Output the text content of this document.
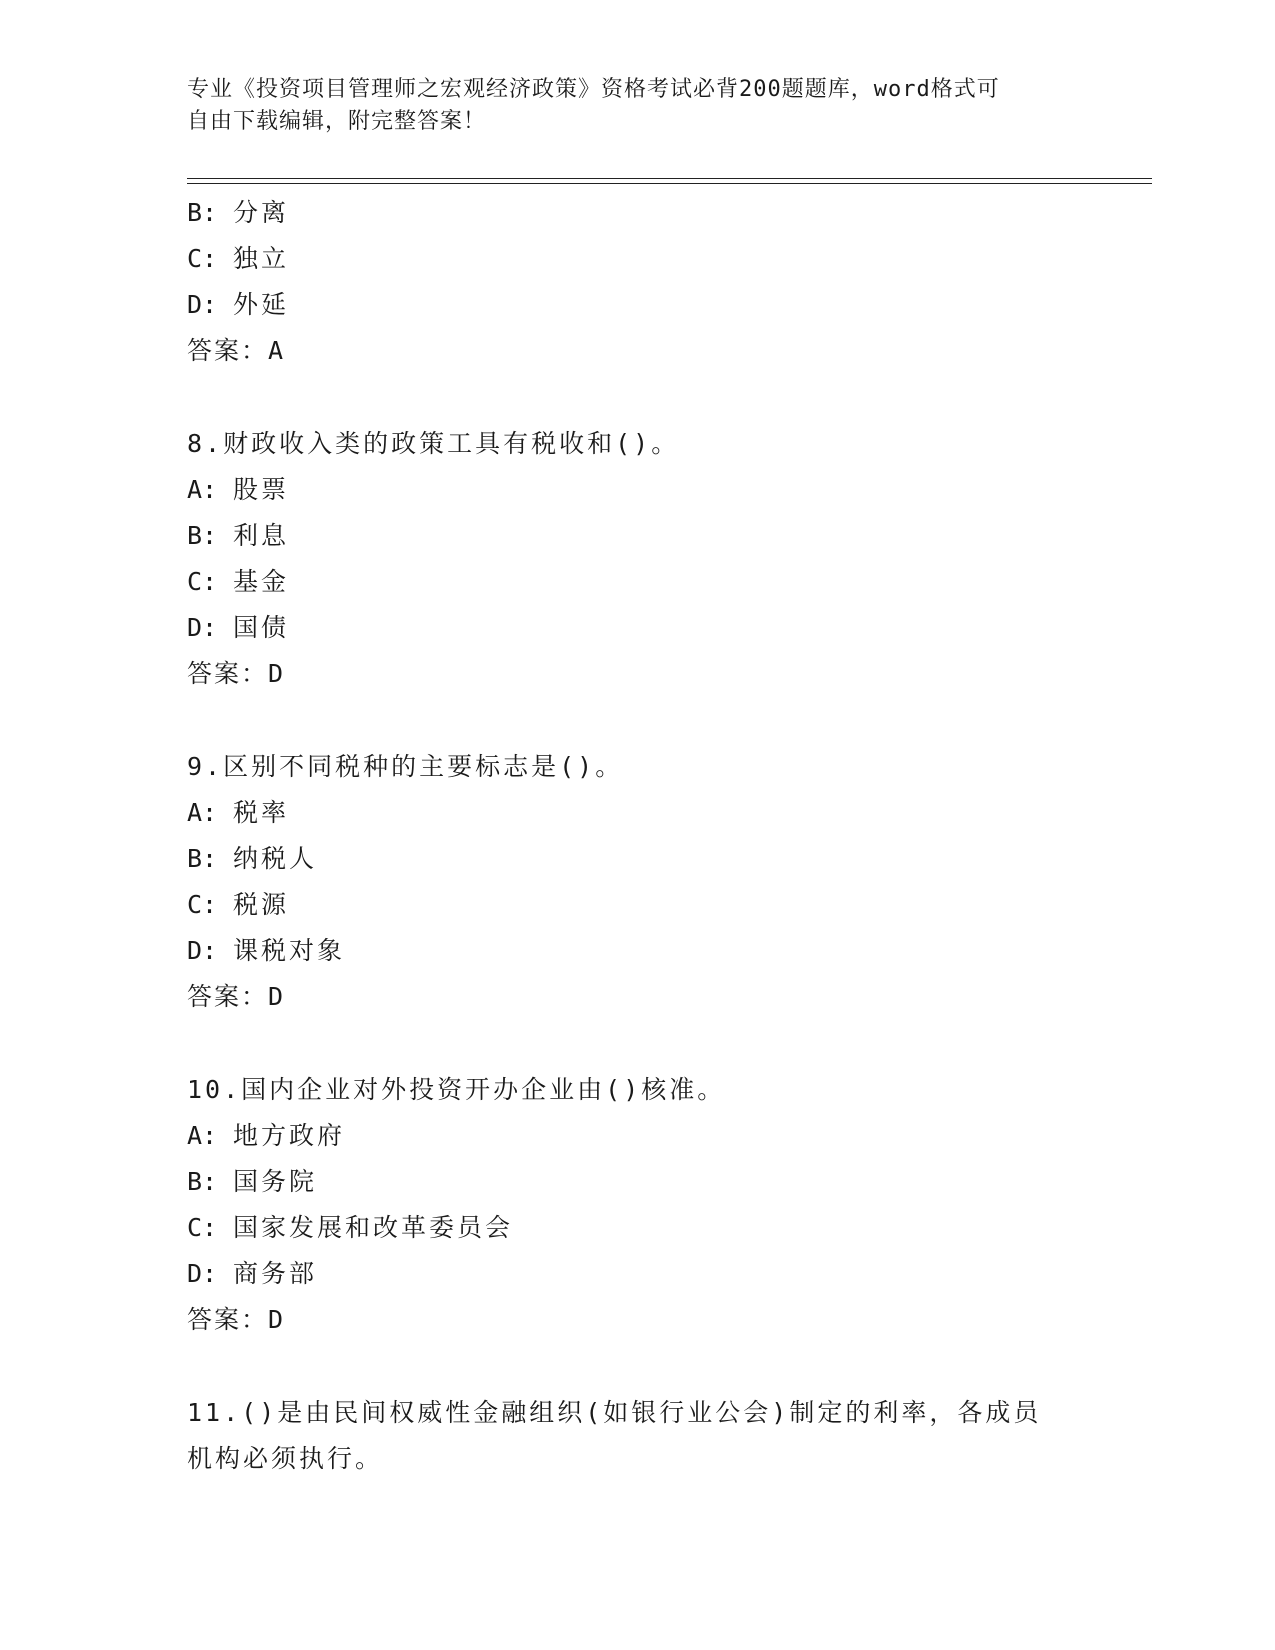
专业《投资项目管理师之宏观经济政策》资格考试必背200题题库，word格式可
自由下载编辑，附完整答案！
B: 分离
C: 独立
D: 外延
答案：A
8.财政收入类的政策工具有税收和()。
A: 股票
B: 利息
C: 基金
D: 国债
答案：D
9.区别不同税种的主要标志是()。
A: 税率
B: 纳税人
C: 税源
D: 课税对象
答案：D
10.国内企业对外投资开办企业由()核准。
A: 地方政府
B: 国务院
C: 国家发展和改革委员会
D: 商务部
答案：D
11.()是由民间权威性金融组织(如银行业公会)制定的利率，各成员机构必须执行。
